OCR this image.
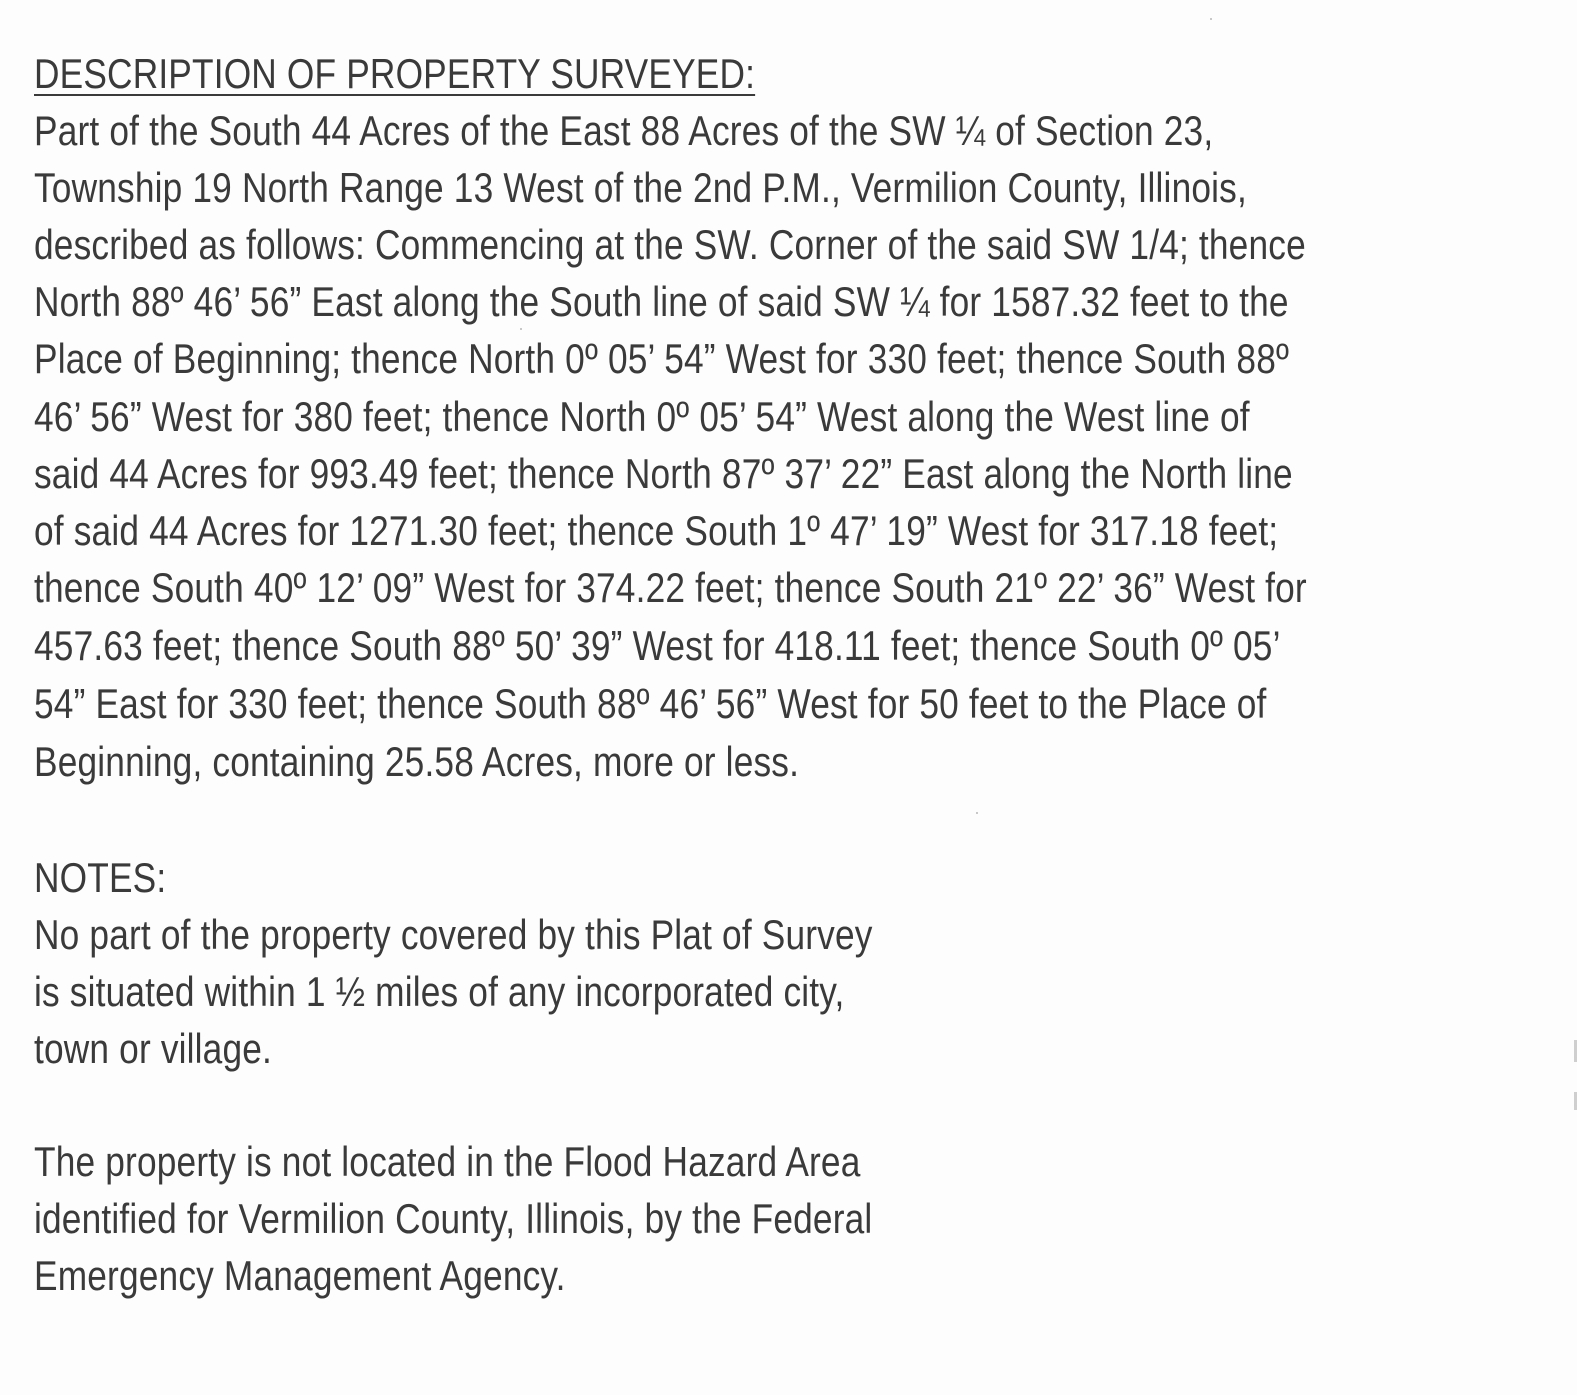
DESCRIPTION OF PROPERTY SURVEYED:

Part of the South 44 Acres of the East 88 Acres of the SW ¼ of Section 23,

Township 19 North Range 13 West of the 2nd P.M., Vermilion County, Illinois,

described as follows: Commencing at the SW. Corner of the said SW 1/4; thence

North 88º 46’ 56” East along the South line of said SW ¼ for 1587.32 feet to the

Place of Beginning; thence North 0º 05’ 54” West for 330 feet; thence South 88º

46’ 56” West for 380 feet; thence North 0º 05’ 54” West along the West line of

said 44 Acres for 993.49 feet; thence North 87º 37’ 22” East along the North line

of said 44 Acres for 1271.30 feet; thence South 1º 47’ 19” West for 317.18 feet;

thence South 40º 12’ 09” West for 374.22 feet; thence South 21º 22’ 36” West for

457.63 feet; thence South 88º 50’ 39” West for 418.11 feet; thence South 0º 05’

54” East for 330 feet; thence South 88º 46’ 56” West for 50 feet to the Place of

Beginning, containing 25.58 Acres, more or less.

NOTES:

No part of the property covered by this Plat of Survey

is situated within 1 ½ miles of any incorporated city,

town or village.

The property is not located in the Flood Hazard Area

identified for Vermilion County, Illinois, by the Federal

Emergency Management Agency.
